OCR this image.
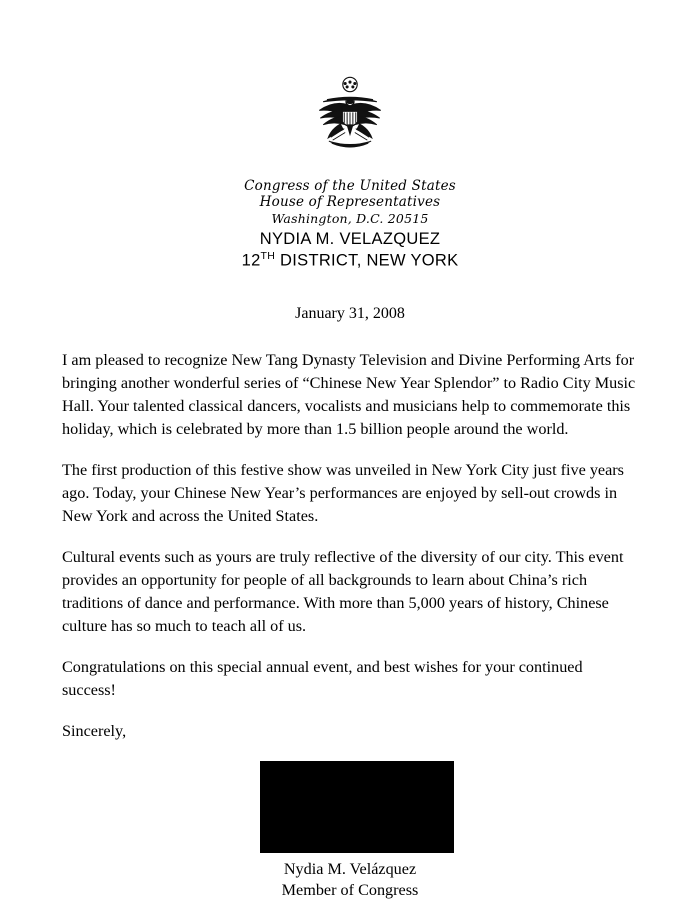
Congress of the United States
House of Representatives
Washington, D.C. 20515
NYDIA M. VELAZQUEZ
12TH DISTRICT, NEW YORK
January 31, 2008

I am pleased to recognize New Tang Dynasty Television and Divine Performing Arts for bringing another wonderful series of “Chinese New Year Splendor” to Radio City Music Hall. Your talented classical dancers, vocalists and musicians help to commemorate this holiday, which is celebrated by more than 1.5 billion people around the world.

The first production of this festive show was unveiled in New York City just five years ago. Today, your Chinese New Year’s performances are enjoyed by sell-out crowds in New York and across the United States.

Cultural events such as yours are truly reflective of the diversity of our city. This event provides an opportunity for people of all backgrounds to learn about China’s rich traditions of dance and performance. With more than 5,000 years of history, Chinese culture has so much to teach all of us.

Congratulations on this special annual event, and best wishes for your continued success!

Sincerely,

Nydia M. Velázquez
Member of Congress
